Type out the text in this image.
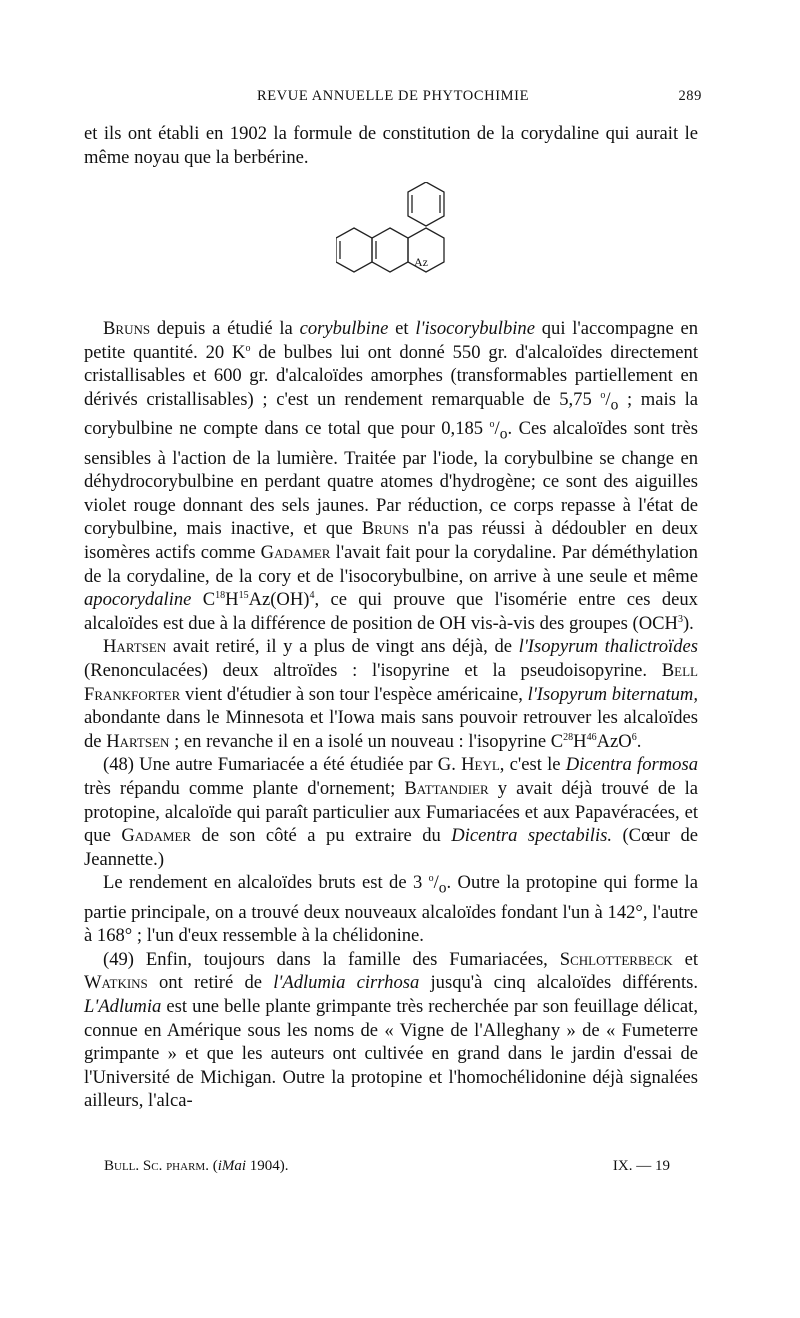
REVUE ANNUELLE DE PHYTOCHIMIE	289

et ils ont établi en 1902 la formule de constitution de la corydaline qui aurait le même noyau que la berbérine.

Az

Bruns depuis a étudié la corybulbine et l'isocorybulbine qui l'accompagne en petite quantité. 20 $K^o$ de bulbes lui ont donné 550 gr. d'alcaloïdes directement cristallisables et 600 gr. d'alcaloïdes amorphes (transformables partiellement en dérivés cristallisables) ; c'est un rendement remarquable de 5,75 $^o/_o$ ; mais la corybulbine ne compte dans ce total que pour 0,185 $^o/_o$. Ces alcaloïdes sont très sensibles à l'action de la lumière. Traitée par l'iode, la corybulbine se change en déhydrocorybulbine en perdant quatre atomes d'hydrogène; ce sont des aiguilles violet rouge donnant des sels jaunes. Par réduction, ce corps repasse à l'état de corybulbine, mais inactive, et que Bruns n'a pas réussi à dédoubler en deux isomères actifs comme Gadamer l'avait fait pour la corydaline. Par déméthylation de la corydaline, de la cory et de l'isocorybulbine, on arrive à une seule et même apocorydaline $C^{18}H^{15}Az(OH)^4$, ce qui prouve que l'isomérie entre ces deux alcaloïdes est due à la différence de position de OH vis-à-vis des groupes (OCH$^3$).

Hartsen avait retiré, il y a plus de vingt ans déjà, de l'Isopyrum thalictroïdes (Renonculacées) deux altroïdes : l'isopyrine et la pseudoisopyrine. Bell Frankforter vient d'étudier à son tour l'espèce américaine, l'Isopyrum biternatum, abondante dans le Minnesota et l'Iowa mais sans pouvoir retrouver les alcaloïdes de Hartsen ; en revanche il en a isolé un nouveau : l'isopyrine $C^{28}H^{46}AzO^6$.

(48) Une autre Fumariacée a été étudiée par G. Heyl, c'est le Dicentra formosa très répandu comme plante d'ornement; Battandier y avait déjà trouvé de la protopine, alcaloïde qui paraît particulier aux Fumariacées et aux Papavéracées, et que Gadamer de son côté a pu extraire du Dicentra spectabilis. (Cœur de Jeannette.)

Le rendement en alcaloïdes bruts est de 3 $^o/_o$. Outre la protopine qui forme la partie principale, on a trouvé deux nouveaux alcaloïdes fondant l'un à 142°, l'autre à 168° ; l'un d'eux ressemble à la chélidonine.

(49) Enfin, toujours dans la famille des Fumariacées, Schlotterbeck et Watkins ont retiré de l'Adlumia cirrhosa jusqu'à cinq alcaloïdes différents. L'Adlumia est une belle plante grimpante très recherchée par son feuillage délicat, connue en Amérique sous les noms de « Vigne de l'Alleghany » de « Fumeterre grimpante » et que les auteurs ont cultivée en grand dans le jardin d'essai de l'Université de Michigan. Outre la protopine et l'homochélidonine déjà signalées ailleurs, l'alca-

Bull. Sc. pharm. (iMai 1904).	IX. — 19
